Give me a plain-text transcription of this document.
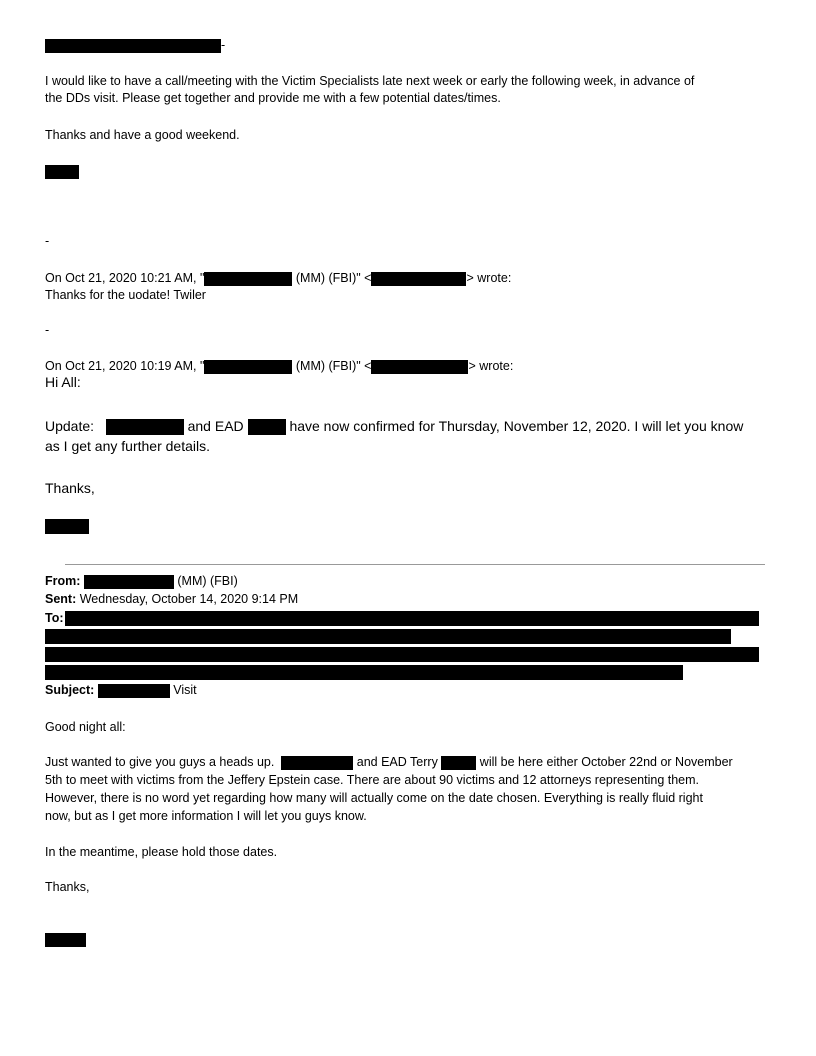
-
I would like to have a call/meeting with the Victim Specialists late next week or early the following week, in advance of
the DDs visit. Please get together and provide me with a few potential dates/times.
Thanks and have a good weekend.
-
On Oct 21, 2020 10:21 AM, "	(MM) (FBI)" <	> wrote:
Thanks for the uodate! Twiler
-
On Oct 21, 2020 10:19 AM, "	(MM) (FBI)" <	> wrote:
Hi All:
Update:	and EAD	have now confirmed for Thursday, November 12, 2020. I will let you know
as I get any further details.
Thanks,
From:	(MM) (FBI)
Sent: Wednesday, October 14, 2020 9:14 PM
To:
Subject:	Visit
Good night all:
Just wanted to give you guys a heads up.	and EAD Terry	will be here either October 22nd or November
5th to meet with victims from the Jeffery Epstein case. There are about 90 victims and 12 attorneys representing them.
However, there is no word yet regarding how many will actually come on the date chosen. Everything is really fluid right
now, but as I get more information I will let you guys know.
In the meantime, please hold those dates.
Thanks,
